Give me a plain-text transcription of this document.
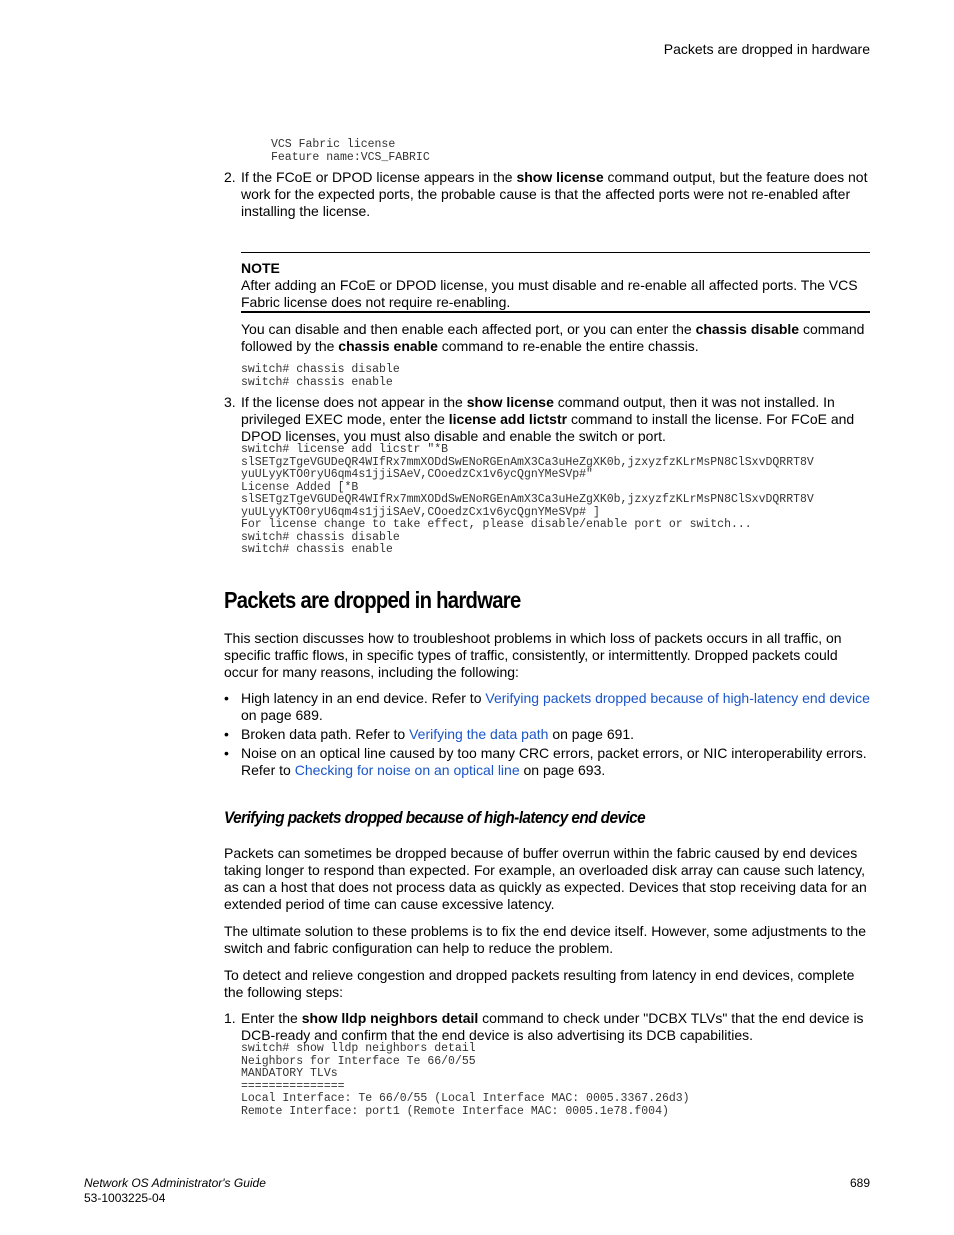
Packets are dropped in hardware
VCS Fabric license
Feature name:VCS_FABRIC
2. If the FCoE or DPOD license appears in the show license command output, but the feature does not work for the expected ports, the probable cause is that the affected ports were not re-enabled after installing the license.
NOTE
After adding an FCoE or DPOD license, you must disable and re-enable all affected ports. The VCS Fabric license does not require re-enabling.
You can disable and then enable each affected port, or you can enter the chassis disable command followed by the chassis enable command to re-enable the entire chassis.
switch# chassis disable
switch# chassis enable
3. If the license does not appear in the show license command output, then it was not installed. In privileged EXEC mode, enter the license add lictstr command to install the license. For FCoE and DPOD licenses, you must also disable and enable the switch or port.
switch# license add licstr "*B
slSETgzTgeVGUDeQR4WIfRx7mmXODdSwENoRGEnAmX3Ca3uHeZgXK0b,jzxyzfzKLrMsPN8ClSxvDQRRT8V
yuULyyKTO0ryU6qm4s1jjiSAeV,COoedzCx1v6ycQgnYMeSVp#"
License Added [*B
slSETgzTgeVGUDeQR4WIfRx7mmXODdSwENoRGEnAmX3Ca3uHeZgXK0b,jzxyzfzKLrMsPN8ClSxvDQRRT8V
yuULyyKTO0ryU6qm4s1jjiSAeV,COoedzCx1v6ycQgnYMeSVp# ]
For license change to take effect, please disable/enable port or switch...
switch# chassis disable
switch# chassis enable
Packets are dropped in hardware
This section discusses how to troubleshoot problems in which loss of packets occurs in all traffic, on specific traffic flows, in specific types of traffic, consistently, or intermittently. Dropped packets could occur for many reasons, including the following:
• High latency in an end device. Refer to Verifying packets dropped because of high-latency end device on page 689.
• Broken data path. Refer to Verifying the data path on page 691.
• Noise on an optical line caused by too many CRC errors, packet errors, or NIC interoperability errors. Refer to Checking for noise on an optical line on page 693.
Verifying packets dropped because of high-latency end device
Packets can sometimes be dropped because of buffer overrun within the fabric caused by end devices taking longer to respond than expected. For example, an overloaded disk array can cause such latency, as can a host that does not process data as quickly as expected. Devices that stop receiving data for an extended period of time can cause excessive latency.
The ultimate solution to these problems is to fix the end device itself. However, some adjustments to the switch and fabric configuration can help to reduce the problem.
To detect and relieve congestion and dropped packets resulting from latency in end devices, complete the following steps:
1. Enter the show lldp neighbors detail command to check under "DCBX TLVs" that the end device is DCB-ready and confirm that the end device is also advertising its DCB capabilities.
switch# show lldp neighbors detail
Neighbors for Interface Te 66/0/55
MANDATORY TLVs
===============
Local Interface: Te 66/0/55 (Local Interface MAC: 0005.3367.26d3)
Remote Interface: port1 (Remote Interface MAC: 0005.1e78.f004)
Network OS Administrator's Guide
53-1003225-04
689
